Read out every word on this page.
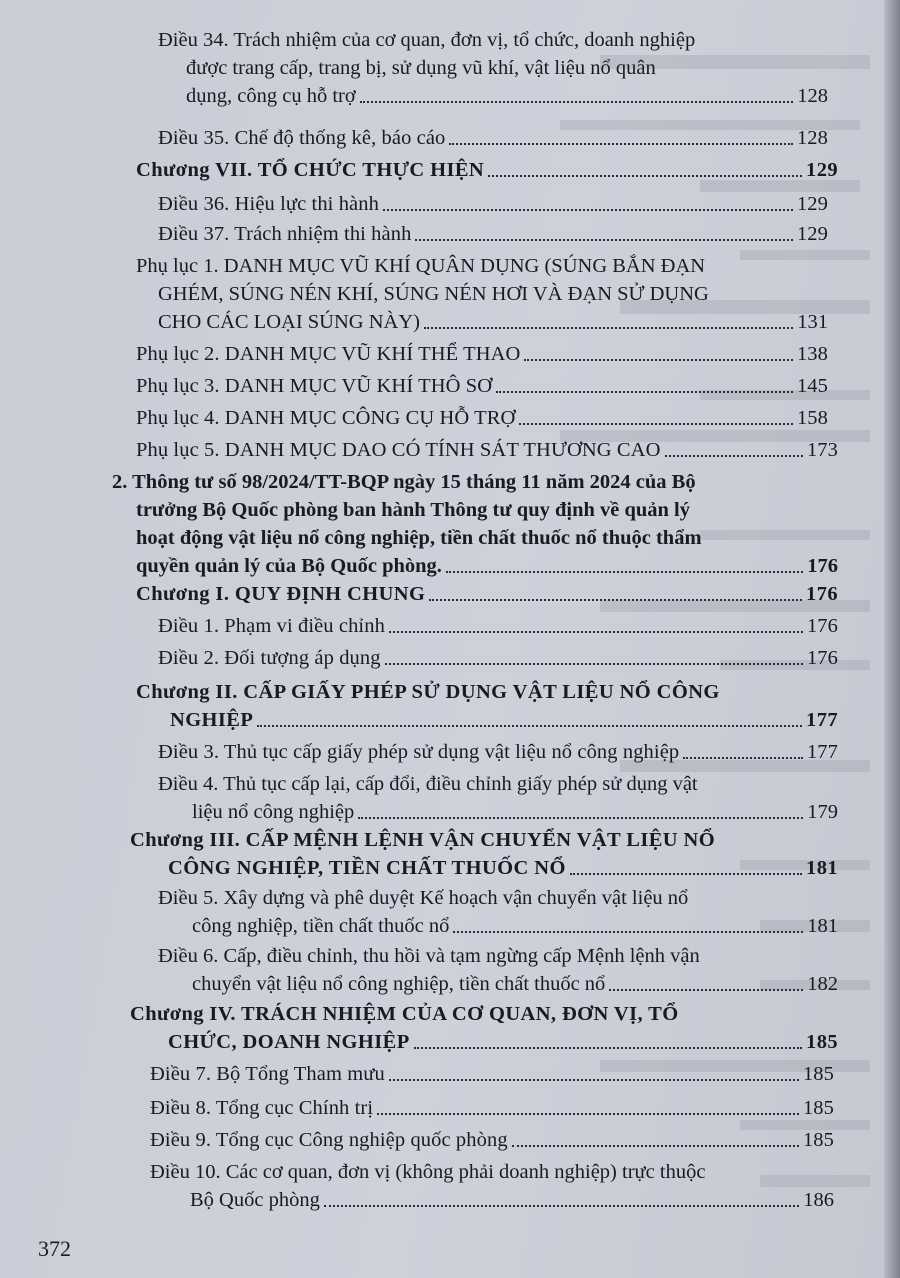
Điều 34. Trách nhiệm của cơ quan, đơn vị, tổ chức, doanh nghiệp
được trang cấp, trang bị, sử dụng vũ khí, vật liệu nổ quân
dụng, công cụ hỗ trợ	128
Điều 35. Chế độ thống kê, báo cáo	128
Chương VII. TỔ CHỨC THỰC HIỆN	129
Điều 36. Hiệu lực thi hành	129
Điều 37. Trách nhiệm thi hành	129
Phụ lục 1. DANH MỤC VŨ KHÍ QUÂN DỤNG (SÚNG BẮN ĐẠN
GHÉM, SÚNG NÉN KHÍ, SÚNG NÉN HƠI VÀ ĐẠN SỬ DỤNG
CHO CÁC LOẠI SÚNG NÀY)	131
Phụ lục 2. DANH MỤC VŨ KHÍ THỂ THAO	138
Phụ lục 3. DANH MỤC VŨ KHÍ THÔ SƠ	145
Phụ lục 4. DANH MỤC CÔNG CỤ HỖ TRỢ	158
Phụ lục 5. DANH MỤC DAO CÓ TÍNH SÁT THƯƠNG CAO	173
2. Thông tư số 98/2024/TT-BQP ngày 15 tháng 11 năm 2024 của Bộ
trưởng Bộ Quốc phòng ban hành Thông tư quy định về quản lý
hoạt động vật liệu nổ công nghiệp, tiền chất thuốc nổ thuộc thẩm
quyền quản lý của Bộ Quốc phòng.	176
Chương I. QUY ĐỊNH CHUNG	176
Điều 1. Phạm vi điều chỉnh	176
Điều 2. Đối tượng áp dụng	176
Chương II. CẤP GIẤY PHÉP SỬ DỤNG VẬT LIỆU NỔ CÔNG
NGHIỆP	177
Điều 3. Thủ tục cấp giấy phép sử dụng vật liệu nổ công nghiệp	177
Điều 4. Thủ tục cấp lại, cấp đổi, điều chỉnh giấy phép sử dụng vật
liệu nổ công nghiệp	179
Chương III. CẤP MỆNH LỆNH VẬN CHUYỂN VẬT LIỆU NỔ
CÔNG NGHIỆP, TIỀN CHẤT THUỐC NỔ	181
Điều 5. Xây dựng và phê duyệt Kế hoạch vận chuyển vật liệu nổ
công nghiệp, tiền chất thuốc nổ	181
Điều 6. Cấp, điều chỉnh, thu hồi và tạm ngừng cấp Mệnh lệnh vận
chuyển vật liệu nổ công nghiệp, tiền chất thuốc nổ	182
Chương IV. TRÁCH NHIỆM CỦA CƠ QUAN, ĐƠN VỊ, TỔ
CHỨC, DOANH NGHIỆP	185
Điều 7. Bộ Tổng Tham mưu	185
Điều 8. Tổng cục Chính trị	185
Điều 9. Tổng cục Công nghiệp quốc phòng	185
Điều 10. Các cơ quan, đơn vị (không phải doanh nghiệp) trực thuộc
Bộ Quốc phòng	186
372
